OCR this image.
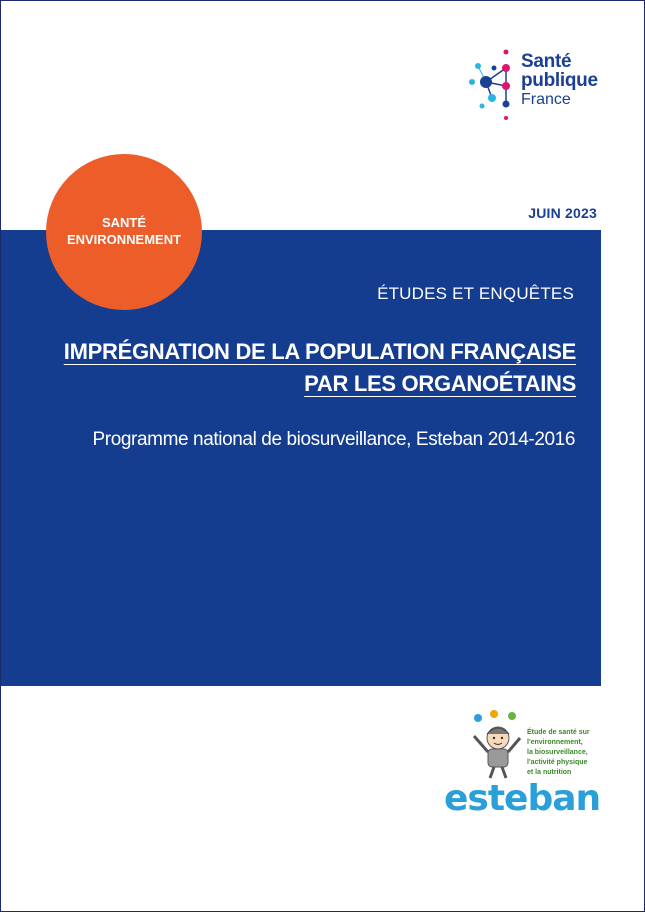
Santé
publique
France
JUIN 2023
ÉTUDES ET ENQUÊTES
IMPRÉGNATION DE LA POPULATION FRANÇAISE
PAR LES ORGANOÉTAINS
Programme national de biosurveillance, Esteban 2014-2016
SANTÉ
ENVIRONNEMENT
Étude de santé sur
l'environnement,
la biosurveillance,
l'activité physique
et la nutrition
esteban
